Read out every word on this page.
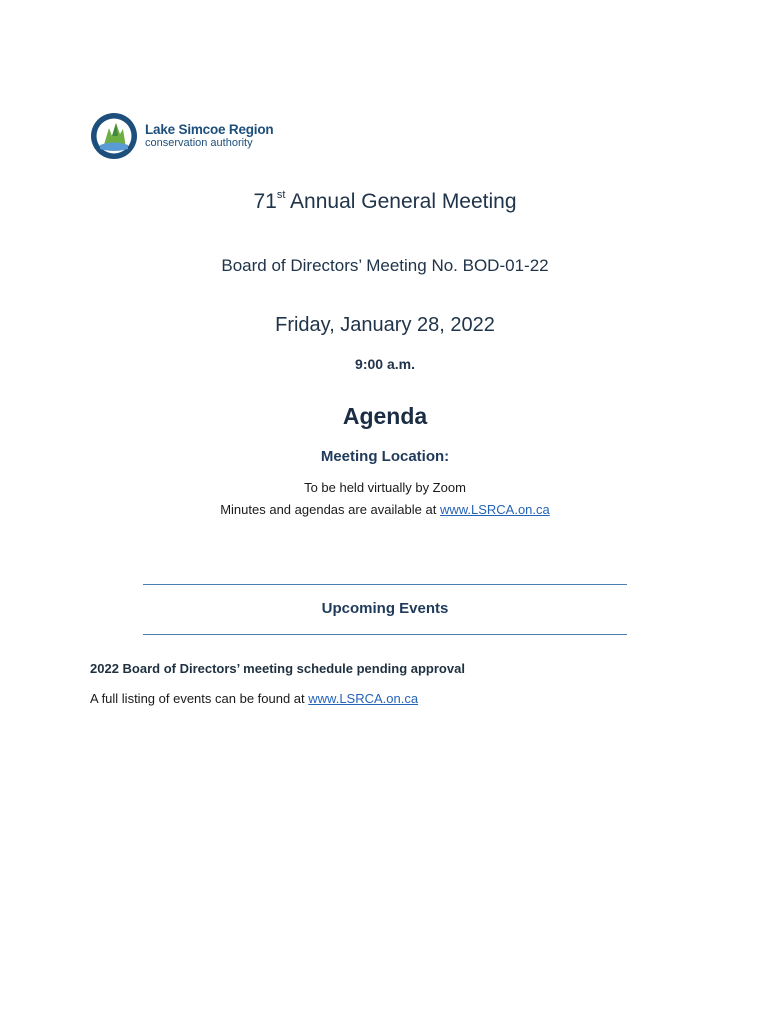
Lake Simcoe Region
conservation authority
71st Annual General Meeting
Board of Directors’ Meeting No. BOD-01-22
Friday, January 28, 2022
9:00 a.m.
Agenda
Meeting Location:
To be held virtually by Zoom
Minutes and agendas are available at www.LSRCA.on.ca
Upcoming Events
2022 Board of Directors’ meeting schedule pending approval
A full listing of events can be found at www.LSRCA.on.ca
